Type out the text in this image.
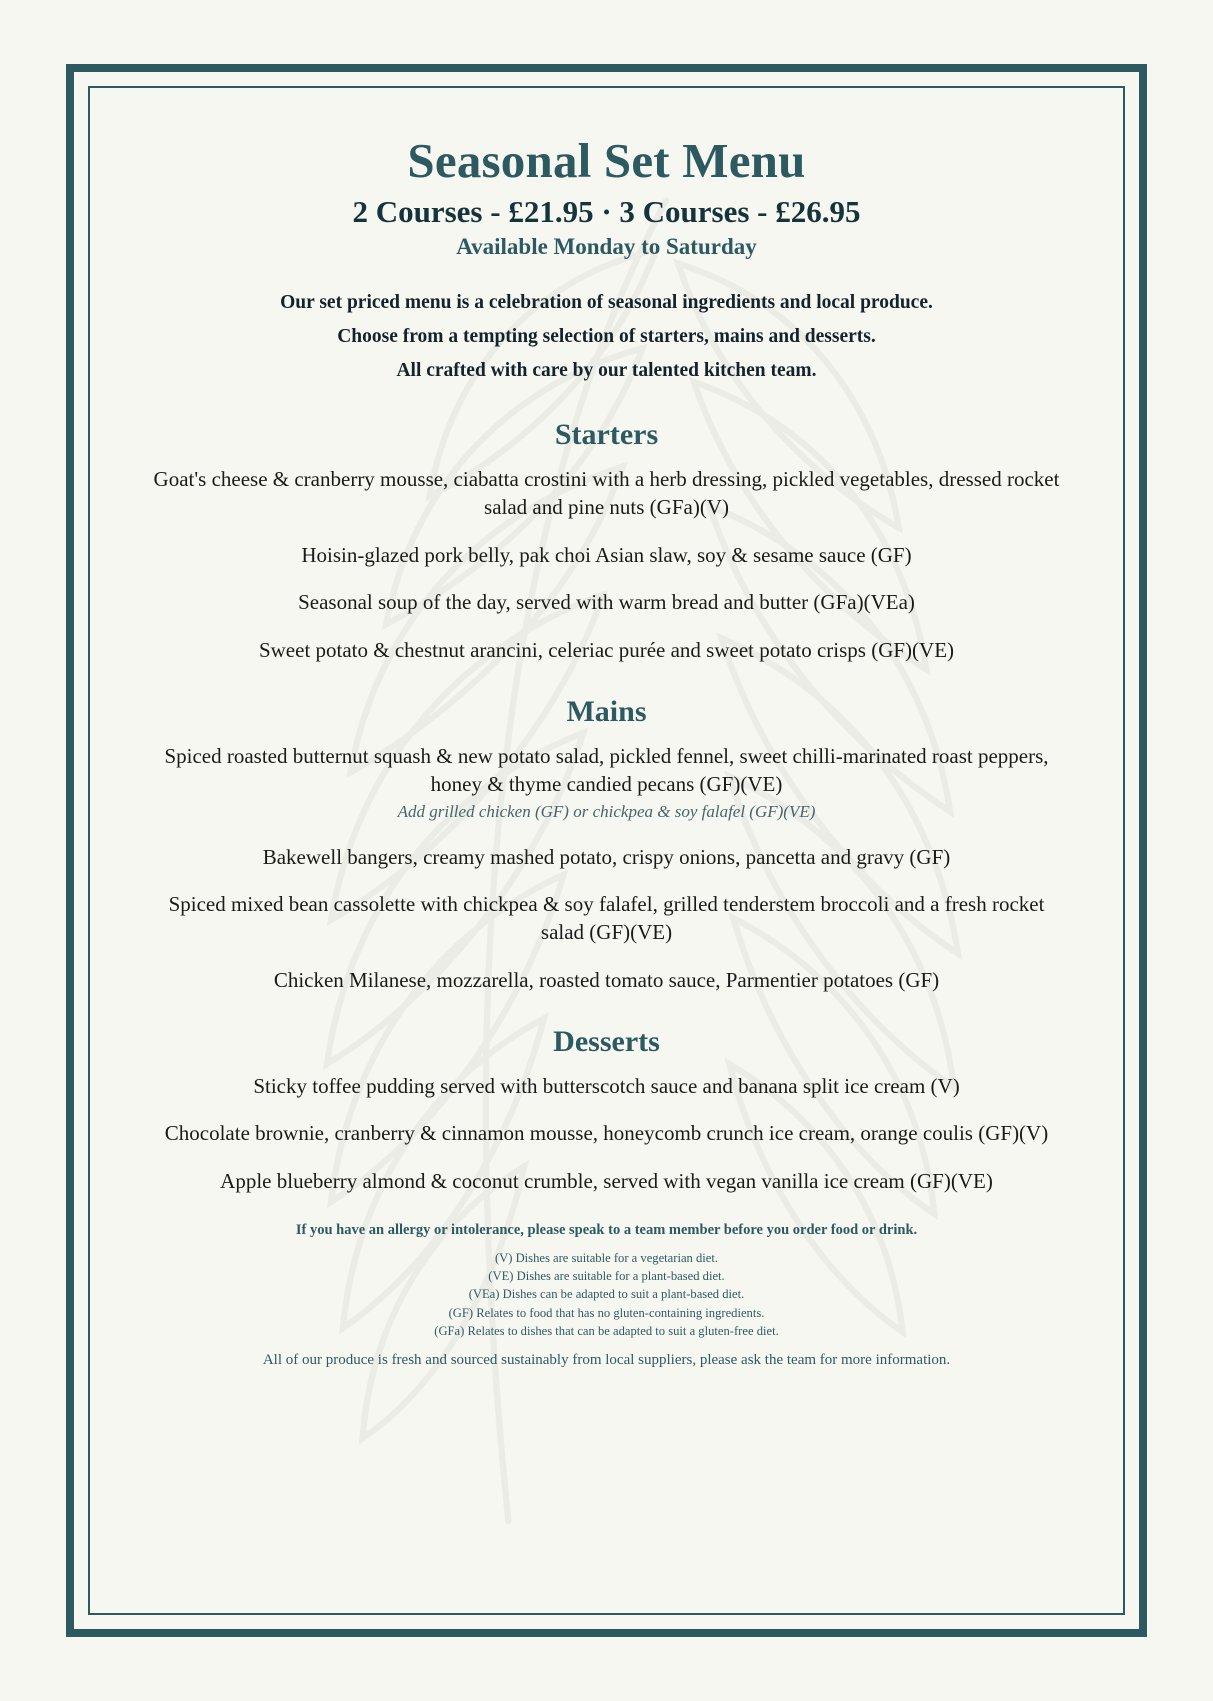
Seasonal Set Menu
2 Courses - £21.95 · 3 Courses - £26.95
Available Monday to Saturday
Our set priced menu is a celebration of seasonal ingredients and local produce.
Choose from a tempting selection of starters, mains and desserts.
All crafted with care by our talented kitchen team.
Starters
Goat's cheese & cranberry mousse, ciabatta crostini with a herb dressing, pickled vegetables, dressed rocket salad and pine nuts (GFa)(V)
Hoisin-glazed pork belly, pak choi Asian slaw, soy & sesame sauce (GF)
Seasonal soup of the day, served with warm bread and butter (GFa)(VEa)
Sweet potato & chestnut arancini, celeriac purée and sweet potato crisps (GF)(VE)
Mains
Spiced roasted butternut squash & new potato salad, pickled fennel, sweet chilli-marinated roast peppers, honey & thyme candied pecans (GF)(VE)
Add grilled chicken (GF) or chickpea & soy falafel (GF)(VE)
Bakewell bangers, creamy mashed potato, crispy onions, pancetta and gravy (GF)
Spiced mixed bean cassolette with chickpea & soy falafel, grilled tenderstem broccoli and a fresh rocket salad (GF)(VE)
Chicken Milanese, mozzarella, roasted tomato sauce, Parmentier potatoes (GF)
Desserts
Sticky toffee pudding served with butterscotch sauce and banana split ice cream (V)
Chocolate brownie, cranberry & cinnamon mousse, honeycomb crunch ice cream, orange coulis (GF)(V)
Apple blueberry almond & coconut crumble, served with vegan vanilla ice cream (GF)(VE)
If you have an allergy or intolerance, please speak to a team member before you order food or drink.
(V) Dishes are suitable for a vegetarian diet.
(VE) Dishes are suitable for a plant-based diet.
(VEa) Dishes can be adapted to suit a plant-based diet.
(GF) Relates to food that has no gluten-containing ingredients.
(GFa) Relates to dishes that can be adapted to suit a gluten-free diet.
All of our produce is fresh and sourced sustainably from local suppliers, please ask the team for more information.
